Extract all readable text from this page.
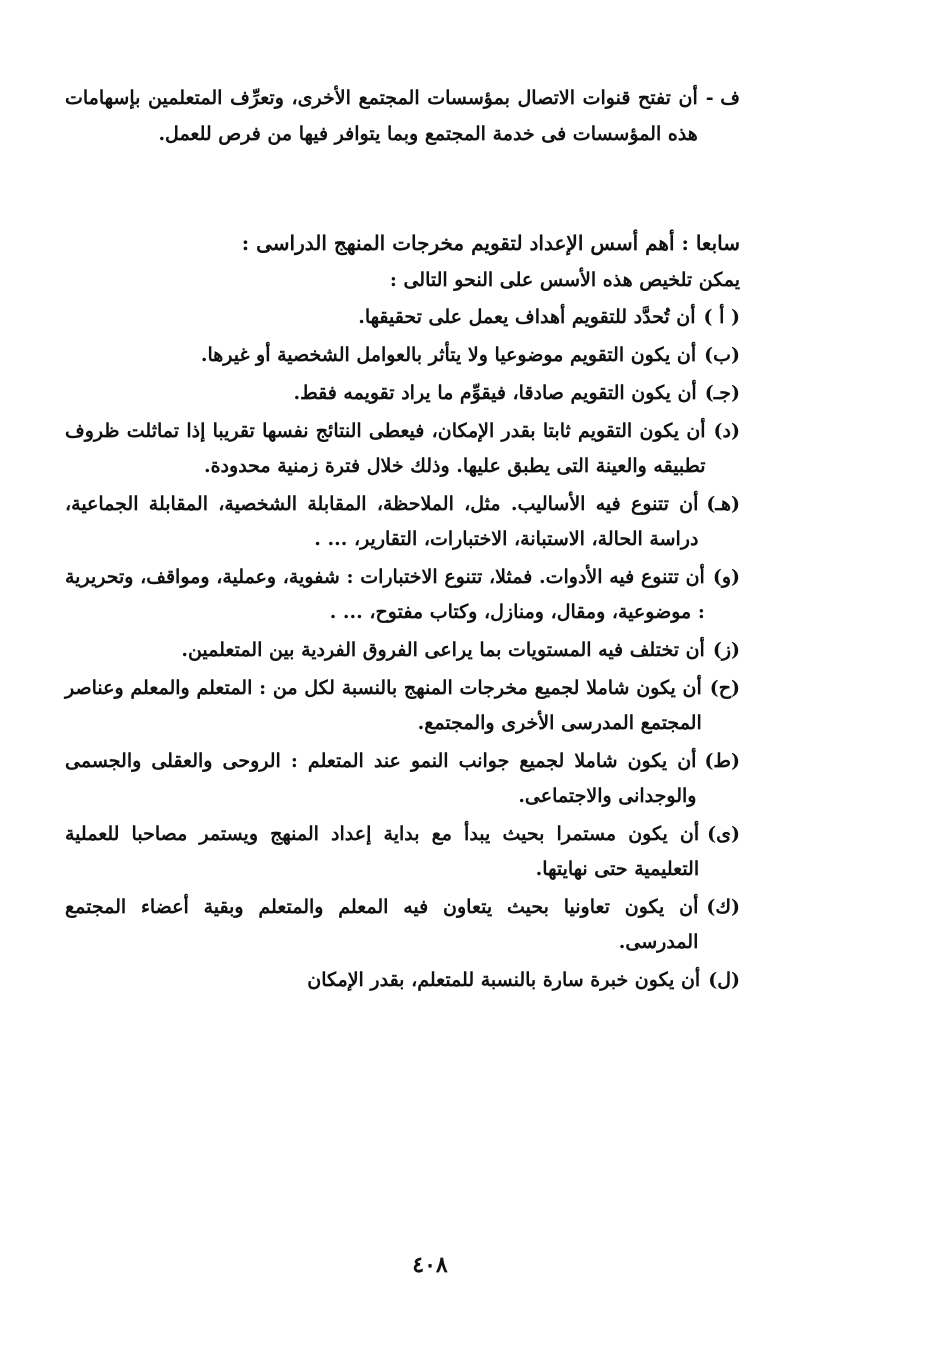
ف -
أن تفتح قنوات الاتصال بمؤسسات المجتمع الأخرى، وتعرِّف المتعلمين بإسهامات هذه المؤسسات فى خدمة المجتمع وبما يتوافر فيها من فرص للعمل.
سابعا : أهم أسس الإعداد لتقويم مخرجات المنهج الدراسى :

يمكن تلخيص هذه الأسس على النحو التالى :

( أ )
أن تُحدَّد للتقويم أهداف يعمل على تحقيقها.
(ب)
أن يكون التقويم موضوعيا ولا يتأثر بالعوامل الشخصية أو غيرها.
(جـ)
أن يكون التقويم صادقا، فيقوِّم ما يراد تقويمه فقط.
(د)
أن يكون التقويم ثابتا بقدر الإمكان، فيعطى النتائج نفسها تقريبا إذا تماثلت ظروف تطبيقه والعينة التى يطبق عليها. وذلك خلال فترة زمنية محدودة.
(هـ)
أن تتنوع فيه الأساليب. مثل، الملاحظة، المقابلة الشخصية، المقابلة الجماعية، دراسة الحالة، الاستبانة، الاختبارات، التقارير، ... .
(و)
أن تتنوع فيه الأدوات. فمثلا، تتنوع الاختبارات : شفوية، وعملية، ومواقف، وتحريرية : موضوعية، ومقال، ومنازل، وكتاب مفتوح، ... .
(ز)
أن تختلف فيه المستويات بما يراعى الفروق الفردية بين المتعلمين.
(ح)
أن يكون شاملا لجميع مخرجات المنهج بالنسبة لكل من : المتعلم والمعلم وعناصر المجتمع المدرسى الأخرى والمجتمع.
(ط)
أن يكون شاملا لجميع جوانب النمو عند المتعلم : الروحى والعقلى والجسمى والوجدانى والاجتماعى.
(ى)
أن يكون مستمرا بحيث يبدأ مع بداية إعداد المنهج ويستمر مصاحبا للعملية التعليمية حتى نهايتها.
(ك)
أن يكون تعاونيا بحيث يتعاون فيه المعلم والمتعلم وبقية أعضاء المجتمع المدرسى.
(ل)
أن يكون خبرة سارة بالنسبة للمتعلم، بقدر الإمكان
٤٠٨
